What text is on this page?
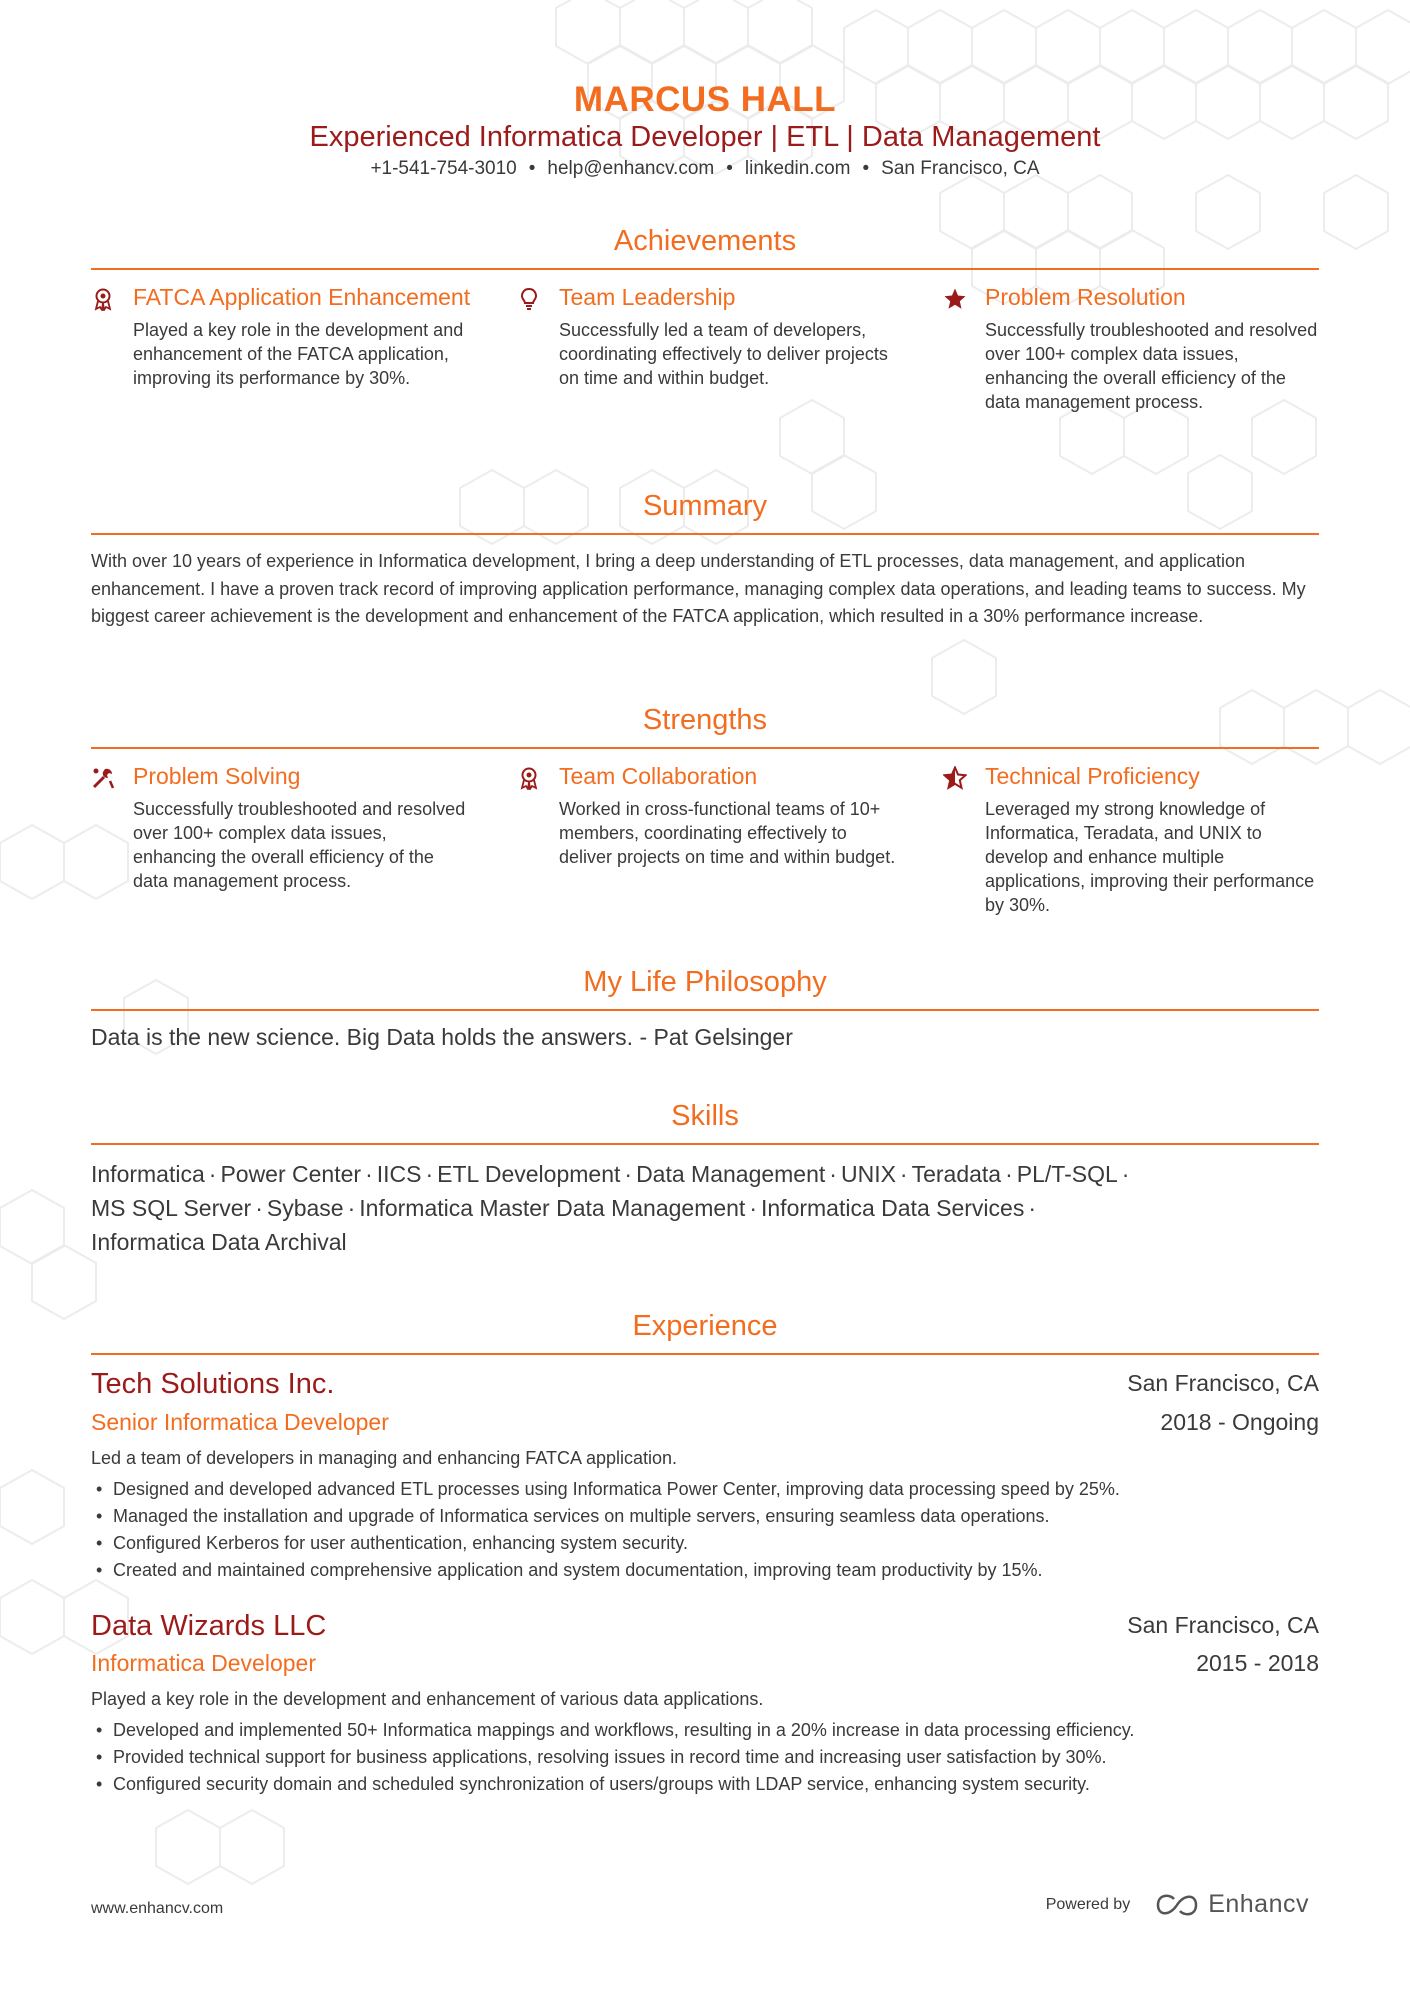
MARCUS HALL
Experienced Informatica Developer | ETL | Data Management
+1-541-754-3010 • help@enhancv.com • linkedin.com • San Francisco, CA
Achievements
FATCA Application Enhancement
Played a key role in the development and enhancement of the FATCA application, improving its performance by 30%.
Team Leadership
Successfully led a team of developers, coordinating effectively to deliver projects on time and within budget.
Problem Resolution
Successfully troubleshooted and resolved over 100+ complex data issues, enhancing the overall efficiency of the data management process.
Summary
With over 10 years of experience in Informatica development, I bring a deep understanding of ETL processes, data management, and application enhancement. I have a proven track record of improving application performance, managing complex data operations, and leading teams to success. My biggest career achievement is the development and enhancement of the FATCA application, which resulted in a 30% performance increase.
Strengths
Problem Solving
Successfully troubleshooted and resolved over 100+ complex data issues, enhancing the overall efficiency of the data management process.
Team Collaboration
Worked in cross-functional teams of 10+ members, coordinating effectively to deliver projects on time and within budget.
Technical Proficiency
Leveraged my strong knowledge of Informatica, Teradata, and UNIX to develop and enhance multiple applications, improving their performance by 30%.
My Life Philosophy
Data is the new science. Big Data holds the answers. - Pat Gelsinger
Skills
Informatica · Power Center · IICS · ETL Development · Data Management · UNIX · Teradata · PL/T-SQL ·
MS SQL Server · Sybase · Informatica Master Data Management · Informatica Data Services ·
Informatica Data Archival
Experience
Tech Solutions Inc.	San Francisco, CA
Senior Informatica Developer	2018 - Ongoing
Led a team of developers in managing and enhancing FATCA application.
• Designed and developed advanced ETL processes using Informatica Power Center, improving data processing speed by 25%.
• Managed the installation and upgrade of Informatica services on multiple servers, ensuring seamless data operations.
• Configured Kerberos for user authentication, enhancing system security.
• Created and maintained comprehensive application and system documentation, improving team productivity by 15%.
Data Wizards LLC	San Francisco, CA
Informatica Developer	2015 - 2018
Played a key role in the development and enhancement of various data applications.
• Developed and implemented 50+ Informatica mappings and workflows, resulting in a 20% increase in data processing efficiency.
• Provided technical support for business applications, resolving issues in record time and increasing user satisfaction by 30%.
• Configured security domain and scheduled synchronization of users/groups with LDAP service, enhancing system security.
www.enhancv.com	Powered by	Enhancv
